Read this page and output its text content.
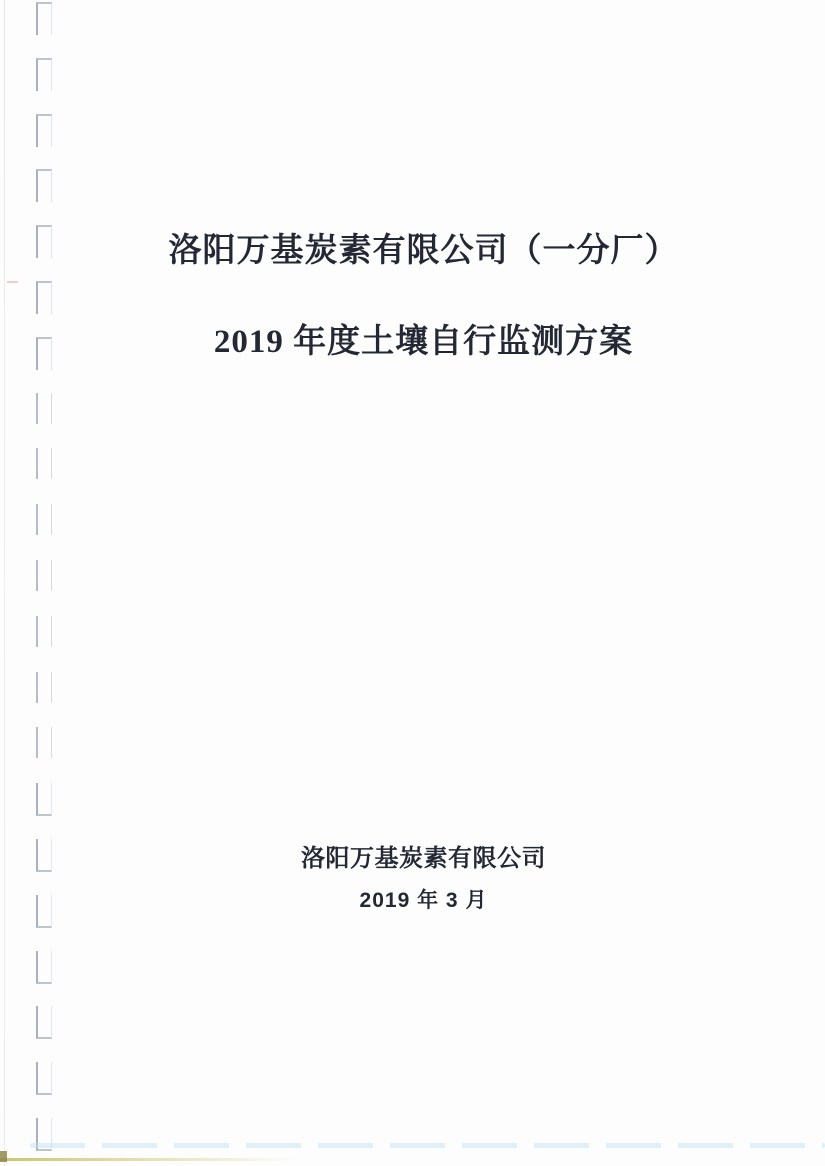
洛阳万基炭素有限公司（一分厂）
2019 年度土壤自行监测方案
洛阳万基炭素有限公司
2019 年 3 月
